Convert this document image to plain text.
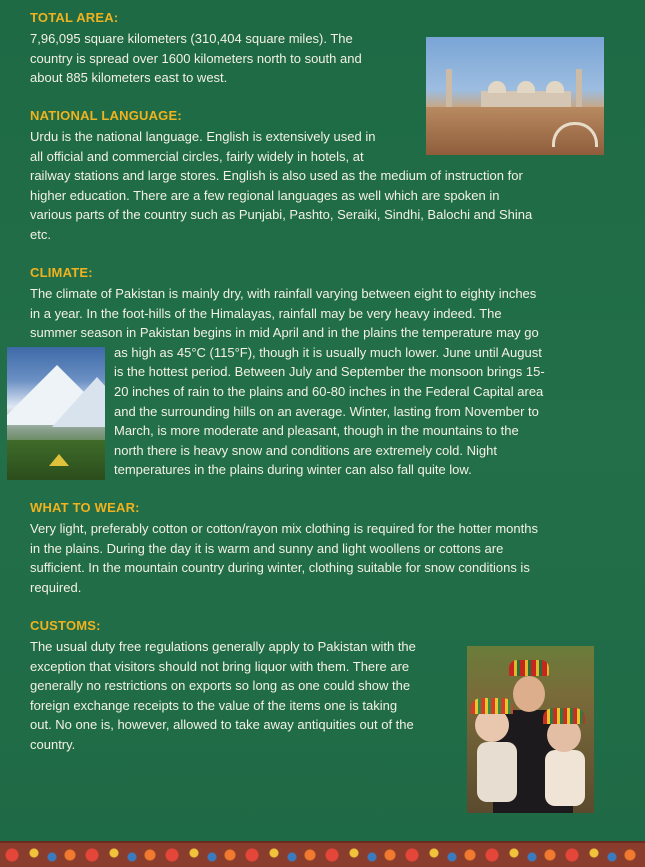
TOTAL AREA:

7,96,095 square kilometers (310,404 square miles). The
country is spread over 1600 kilometers north to south and
about 885 kilometers east to west.

NATIONAL LANGUAGE:

Urdu is the national language. English is extensively used in
all official and commercial circles, fairly widely in hotels, at
railway stations and large stores. English is also used as the medium of instruction for
higher education. There are a few regional languages as well which are spoken in
various parts of the country such as Punjabi, Pashto, Seraiki, Sindhi, Balochi and Shina
etc.

CLIMATE:

The climate of Pakistan is mainly dry, with rainfall varying between eight to eighty inches
in a year. In the foot-hills of the Himalayas, rainfall may be very heavy indeed. The
summer season in Pakistan begins in mid April and in the plains the temperature may go
as high as 45°C (115°F), though it is usually much lower. June until August
is the hottest period. Between July and September the monsoon brings 15-
20 inches of rain to the plains and 60-80 inches in the Federal Capital area
and the surrounding hills on an average. Winter, lasting from November to
March, is more moderate and pleasant, though in the mountains to the
north there is heavy snow and conditions are extremely cold. Night
temperatures in the plains during winter can also fall quite low.

WHAT TO WEAR:

Very light, preferably cotton or cotton/rayon mix clothing is required for the hotter months
in the plains. During the day it is warm and sunny and light woollens or cottons are
sufficient. In the mountain country during winter, clothing suitable for snow conditions is
required.

CUSTOMS:

The usual duty free regulations generally apply to Pakistan with the
exception that visitors should not bring liquor with them. There are
generally no restrictions on exports so long as one could show the
foreign exchange receipts to the value of the items one is taking
out. No one is, however, allowed to take away antiquities out of the
country.
